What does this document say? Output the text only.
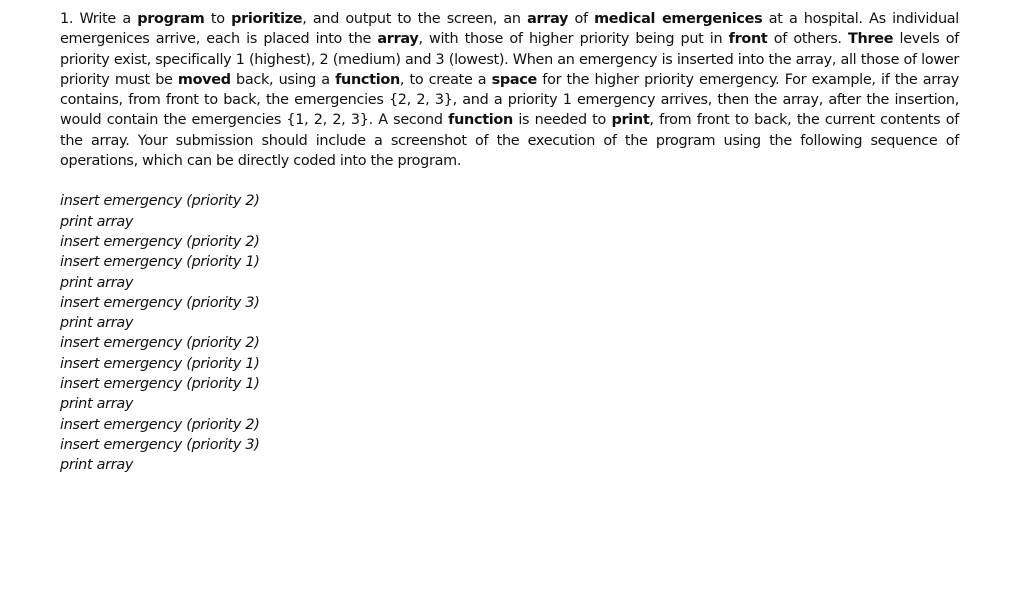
1. Write a program to prioritize, and output to the screen, an array of medical emergenices at a hospital. As individual emergenices arrive, each is placed into the array, with those of higher priority being put in front of others. Three levels of priority exist, specifically 1 (highest), 2 (medium) and 3 (lowest). When an emergency is inserted into the array, all those of lower priority must be moved back, using a function, to create a space for the higher priority emergency. For example, if the array contains, from front to back, the emergencies {2, 2, 3}, and a priority 1 emergency arrives, then the array, after the insertion, would contain the emergencies {1, 2, 2, 3}. A second function is needed to print, from front to back, the current contents of the array. Your submission should include a screenshot of the execution of the program using the following sequence of operations, which can be directly coded into the program.

insert emergency (priority 2)
print array
insert emergency (priority 2)
insert emergency (priority 1)
print array
insert emergency (priority 3)
print array
insert emergency (priority 2)
insert emergency (priority 1)
insert emergency (priority 1)
print array
insert emergency (priority 2)
insert emergency (priority 3)
print array
